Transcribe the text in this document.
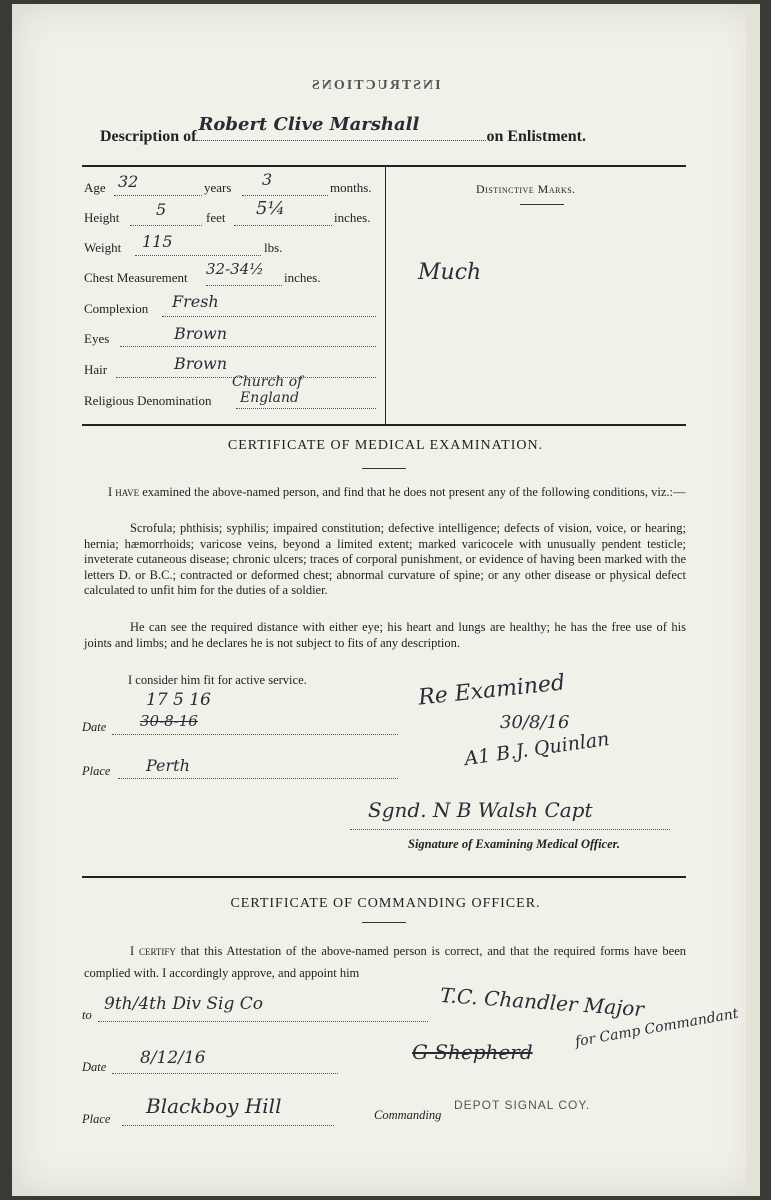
INSTRUCTIONS
Description of
Robert Clive Marshall
on Enlistment.
Age 32	years 3	months.
Height 5	feet 5¼	inches.
Weight 115	lbs.
Chest Measurement 32-34½ inches.
Complexion Fresh
Eyes	Brown
Hair	Brown
Religious Denomination
Church of
England
Distinctive Marks.
Much
CERTIFICATE OF MEDICAL EXAMINATION.
I have examined the above-named person, and find that he does not present any of the following conditions, viz.:—
Scrofula; phthisis; syphilis; impaired constitution; defective intelligence; defects of vision, voice, or hearing; hernia; hæmorrhoids; varicose veins, beyond a limited extent; marked varicocele with unusually pendent testicle; inveterate cutaneous disease; chronic ulcers; traces of corporal punishment, or evidence of having been marked with the letters D. or B.C.; contracted or deformed chest; abnormal curvature of spine; or any other disease or physical defect calculated to unfit him for the duties of a soldier.
He can see the required distance with either eye; his heart and lungs are healthy; he has the free use of his joints and limbs; and he declares he is not subject to fits of any description.
I consider him fit for active service.
Date
17 5 16
30-8-16
Place Perth
Re Examined
30/8/16
A1 B.J. Quinlan
Sgnd. N B Walsh Capt
Signature of Examining Medical Officer.
CERTIFICATE OF COMMANDING OFFICER.
I certify that this Attestation of the above-named person is correct, and that the required forms have been complied with. I accordingly approve, and appoint him
to
9th/4th Div Sig Co	T.C. Chandler Major
Date 8/12/16	G Shepherd
for Camp Commandant
Place
Blackboy Hill	Commanding
DEPOT SIGNAL COY.
